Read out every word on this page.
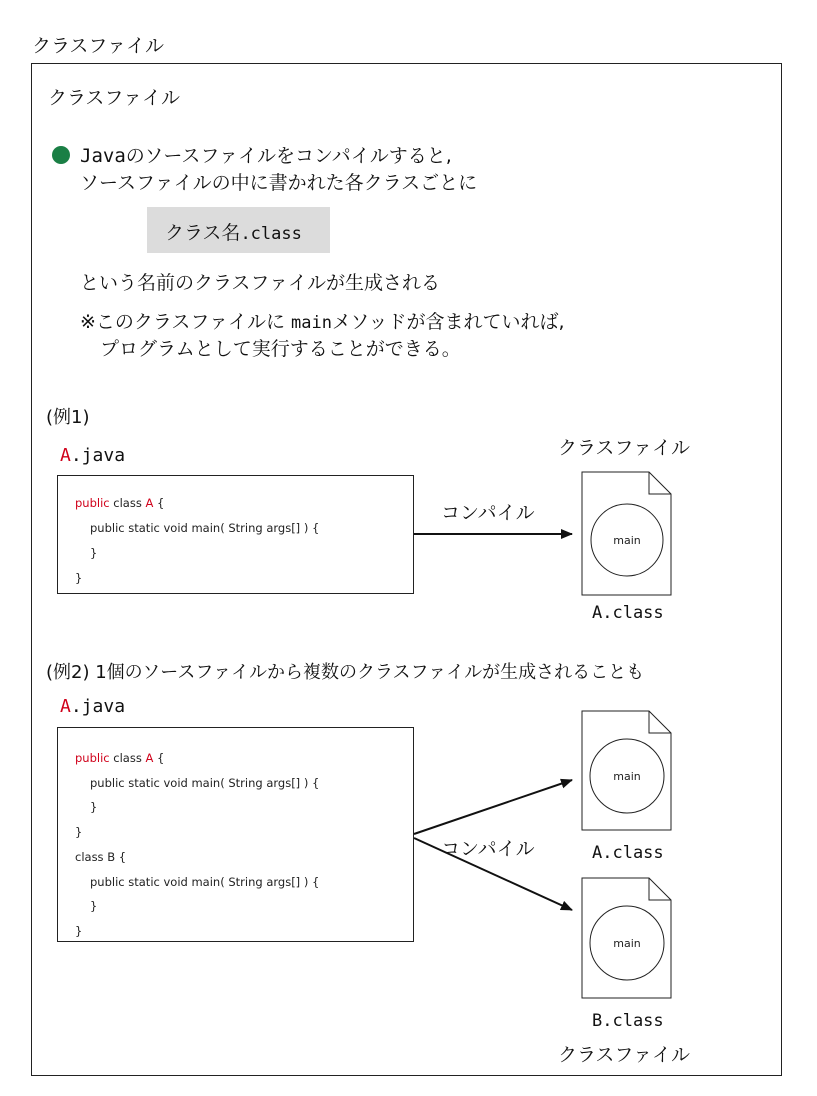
クラスファイル
クラスファイル
Javaのソースファイルをコンパイルすると,
ソースファイルの中に書かれた各クラスごとに
クラス名.class
という名前のクラスファイルが生成される
※このクラスファイルに mainメソッドが含まれていれば,
プログラムとして実行することができる。
(例1)
クラスファイル
A.java
public class A {
public static void main( String args[] ) {
}
}
コンパイル
A.class
(例2) 1個のソースファイルから複数のクラスファイルが生成されることも
A.java
public class A {
public static void main( String args[] ) {
}
}
class B {
public static void main( String args[] ) {
}
}
コンパイル	A.class
B.class
クラスファイル
main
main
main
